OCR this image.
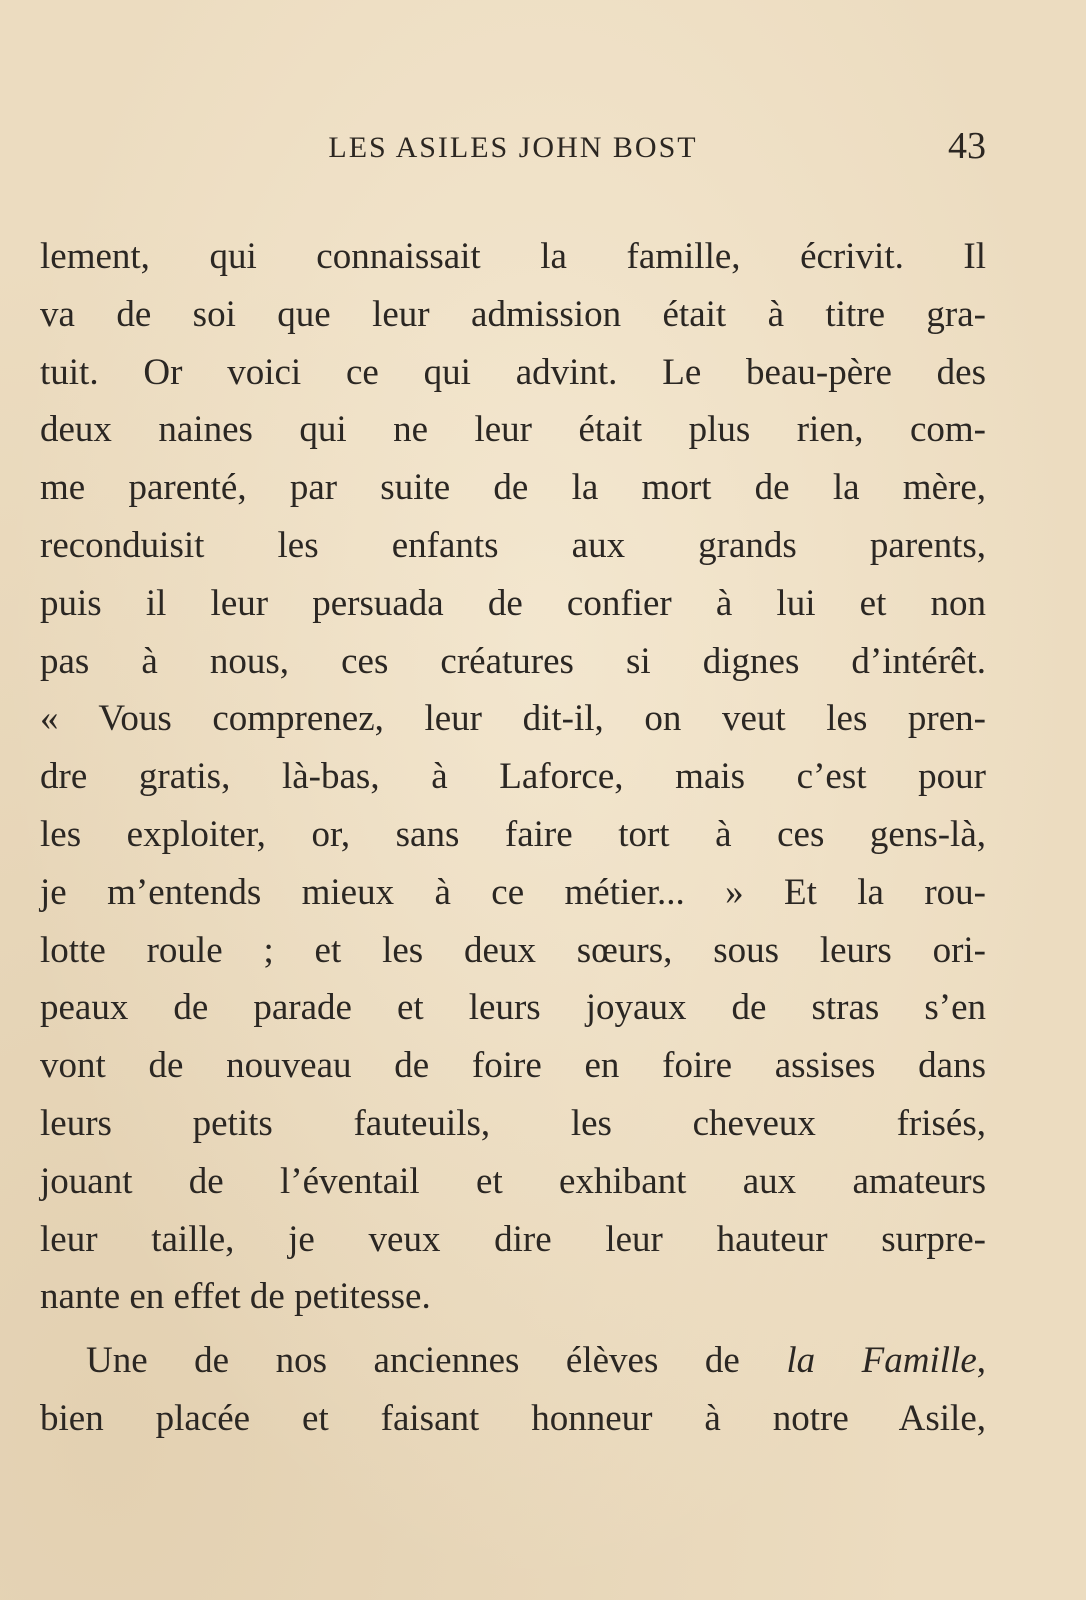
LES ASILES JOHN BOST	43
lement, qui connaissait la famille, écrivit. Il
va de soi que leur admission était à titre gra-
tuit. Or voici ce qui advint. Le beau-père des
deux naines qui ne leur était plus rien, com-
me parenté, par suite de la mort de la mère,
reconduisit les enfants aux grands parents,
puis il leur persuada de confier à lui et non
pas à nous, ces créatures si dignes d’intérêt.
« Vous comprenez, leur dit-il, on veut les pren-
dre gratis, là-bas, à Laforce, mais c’est pour
les exploiter, or, sans faire tort à ces gens-là,
je m’entends mieux à ce métier... » Et la rou-
lotte roule ; et les deux sœurs, sous leurs ori-
peaux de parade et leurs joyaux de stras s’en
vont de nouveau de foire en foire assises dans
leurs petits fauteuils, les cheveux frisés,
jouant de l’éventail et exhibant aux amateurs
leur taille, je veux dire leur hauteur surpre-
nante en effet de petitesse.
Une de nos anciennes élèves de la Famille,
bien placée et faisant honneur à notre Asile,
